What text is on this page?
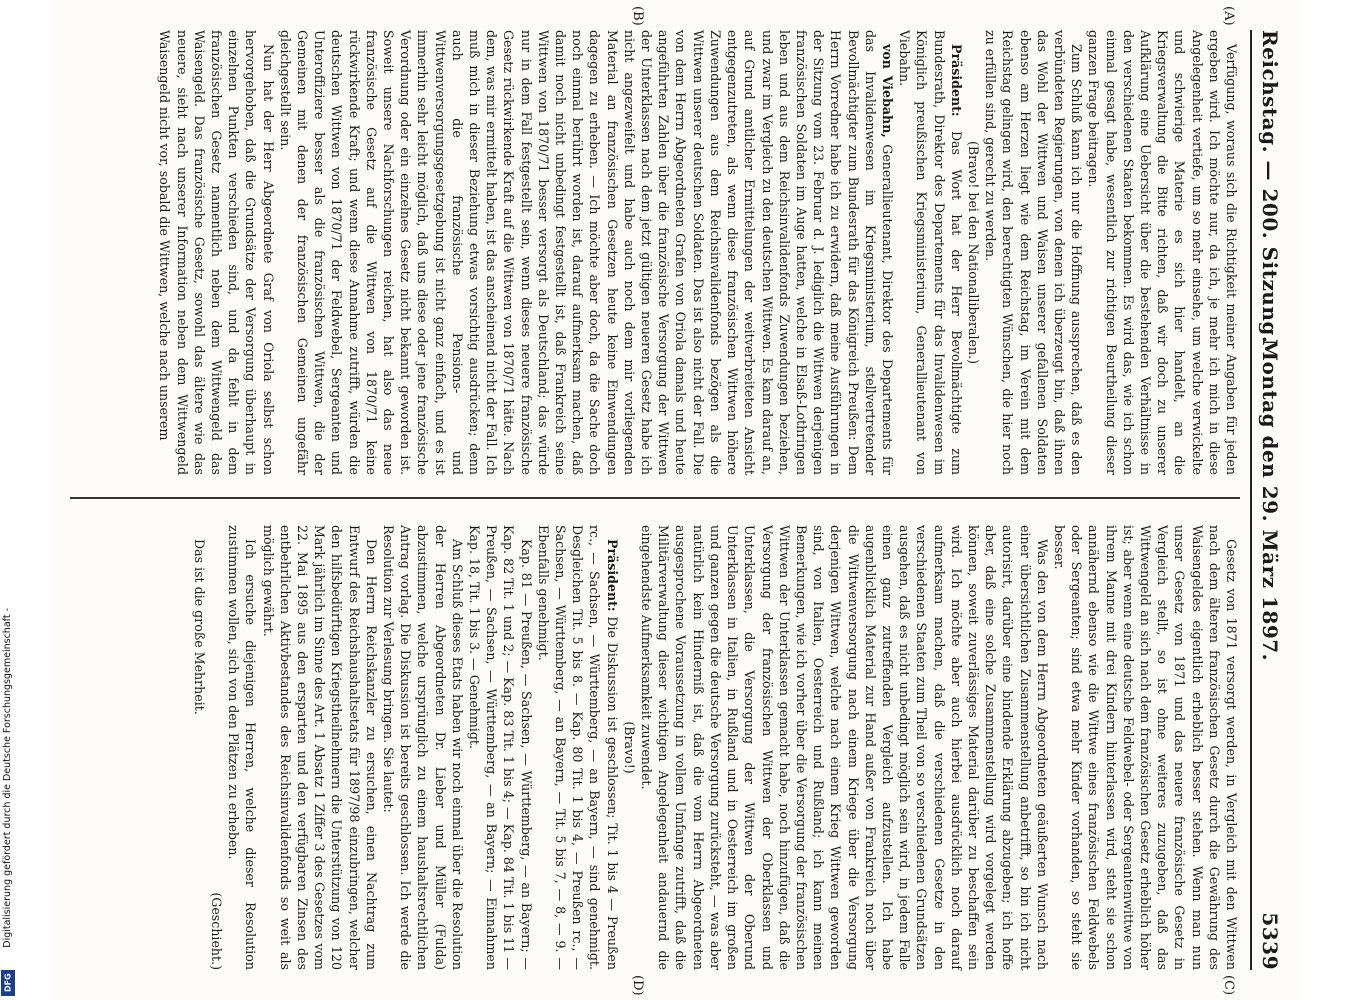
Reichstag. — 200. Sitzung.
Montag den 29. März 1897.
5339
(A)
(B)
(C)
(D)

Verfügung, woraus sich die Richtigkeit meiner Angaben für jeden ergeben wird. Ich möchte nur, da ich, je mehr ich mich in diese Angelegenheit vertiefe, um so mehr einsehe, um welche verwickelte und schwierige Materie es sich hier handelt, an die Kriegsverwaltung die Bitte richten, daß wir doch zu unserer Aufklärung eine Uebersicht über die bestehenden Verhältnisse in den verschiedenen Staaten bekommen. Es wird das, wie ich schon einmal gesagt habe, wesentlich zur richtigen Beurtheilung dieser ganzen Frage beitragen.

Zum Schluß kann ich nur die Hoffnung aussprechen, daß es den verbündeten Regierungen, von denen ich überzeugt bin, daß ihnen das Wohl der Wittwen und Waisen unserer gefallenen Soldaten ebenso am Herzen liegt wie dem Reichstag, im Verein mit dem Reichstag gelingen wird, den berechtigten Wünschen, die hier noch zu erfüllen sind, gerecht zu werden.

(Bravo! bei den Nationalliberalen.)

Präsident: Das Wort hat der Herr Bevollmächtigte zum Bundesrath, Direktor des Departements für das Invalidenwesen im Königlich preußischen Kriegsministerium, Generallieutenant von Viebahn.

von Viebahn, Generallieutenant, Direktor des Departements für das Invalidenwesen im Kriegsministerium, stellvertretender Bevollmächtigter zum Bundesrath für das Königreich Preußen: Dem Herrn Vorredner habe ich zu erwidern, daß meine Ausführungen in der Sitzung vom 23. Februar d. J. lediglich die Wittwen derjenigen französischen Soldaten im Auge hatten, welche in Elsaß-Lothringen leben und aus dem Reichsinvalidenfonds Zuwendungen beziehen, und zwar im Vergleich zu den deutschen Wittwen. Es kam darauf an, auf Grund amtlicher Ermittelungen der weitverbreiteten Ansicht entgegenzutreten, als wenn diese französischen Wittwen höhere Zuwendungen aus dem Reichsinvalidenfonds bezögen als die Wittwen unserer deutschen Soldaten. Das ist also nicht der Fall. Die von dem Herrn Abgeordneten Grafen von Oriola damals und heute angeführten Zahlen über die französische Versorgung der Wittwen der Unterklassen nach dem jetzt gültigen neueren Gesetz habe ich nicht angezweifelt und habe auch noch dem mir vorliegenden Material an französischen Gesetzen heute keine Einwendungen dagegen zu erheben. — Ich möchte aber doch, da die Sache doch noch einmal berührt worden ist, darauf aufmerksam machen, daß damit noch nicht unbedingt festgestellt ist, daß Frankreich seine Wittwen von 1870/71 besser versorgt als Deutschland; das würde nur in dem Fall festgestellt sein, wenn dieses neuere französische Gesetz rückwirkende Kraft auf die Wittwen von 1870/71 hätte. Nach dem, was mir ermittelt haben, ist das anscheinend nicht der Fall. Ich muß mich in dieser Beziehung etwas vorsichtig ausdrücken; denn auch die französische Pensions- und Wittwenversorgungsgesetzgebung ist nicht ganz einfach, und es ist immerhin sehr leicht möglich, daß uns diese oder jene französische Verordnung oder ein einzelnes Gesetz nicht bekannt geworden ist. Soweit unsere Nachforschungen reichen, hat also das neue französische Gesetz auf die Wittwen von 1870/71 keine rückwirkende Kraft; und wenn diese Annahme zutrifft, würden die deutschen Wittwen von 1870/71 der Feldwebel, Sergeanten und Unteroffiziere besser als die französischen Wittwen, die der Gemeinen mit denen der französischen Gemeinen ungefähr gleichgestellt sein.

Nun hat der Herr Abgeordnete Graf von Oriola selbst schon hervorgehoben, daß die Grundsätze der Versorgung überhaupt in einzelnen Punkten verschieden sind, und da fehlt in dem französischen Gesetz namentlich neben dem Wittwengeld das Waisengeld. Das französische Gesetz, sowohl das ältere wie das neuere, sieht nach unserer Information neben dem Wittwengeld Waisengeld nicht vor, sobald die Wittwen, welche nach unserem

Gesetz von 1871 versorgt werden, in Vergleich mit den Wittwen nach dem älteren französischen Gesetz durch die Gewährung des Waisengeldes eigentlich erheblich besser stehen. Wenn man nun unser Gesetz von 1871 und das neuere französische Gesetz in Vergleich stellt, so ist ohne weiteres zuzugeben, daß das Wittwengeld an sich nach dem französischen Gesetz erheblich höher ist; aber wenn eine deutsche Feldwebel- oder Sergeantenwittwe von ihrem Manne mit drei Kindern hinterlassen wird, steht sie schon annähernd ebenso wie die Wittwe eines französischen Feldwebels oder Sergeanten; sind etwa mehr Kinder vorhanden, so steht sie besser.

Was den von dem Herrn Abgeordneten geäußerten Wunsch nach einer übersichtlichen Zusammenstellung anbetrifft, so bin ich nicht autorisirt, darüber eine bindende Erklärung abzugeben; ich hoffe aber, daß eine solche Zusammenstellung wird vorgelegt werden können, soweit zuverlässiges Material darüber zu beschaffen sein wird. Ich möchte aber auch hierbei ausdrücklich noch darauf aufmerksam machen, daß die verschiedenen Gesetze in den verschiedenen Staaten zum Theil von so verschiedenen Grundsätzen ausgehen, daß es nicht unbedingt möglich sein wird, in jedem Falle einen ganz zutreffenden Vergleich aufzustellen. Ich habe augenblicklich Material zur Hand außer von Frankreich noch über die Wittwenversorgung nach einem Kriege über die Versorgung derjenigen Wittwen, welche nach einem Krieg Wittwen geworden sind, von Italien, Oesterreich und Rußland; ich kann meinen Bemerkungen, wie ich vorher über die Versorgung der französischen Wittwen der Unterklassen gemacht habe, noch hinzufügen, daß die Versorgung der französischen Wittwen der Oberklassen und Unterklassen, die Versorgung der Wittwen der Oberund Unterklassen in Italien, in Rußland und in Oesterreich im großen und ganzen gegen die deutsche Versorgung zurücksteht, — was aber natürlich kein Hinderniß ist, daß die vom Herrn Abgeordneten ausgesprochene Voraussetzung in vollem Umfange zutrifft, daß die Militärverwaltung dieser wichtigen Angelegenheit andauernd die eingehendste Aufmerksamkeit zuwendet.

(Bravo!)

Präsident: Die Diskussion ist geschlossen; Tit. 1 bis 4 — Preußen rc., — Sachsen, — Württemberg, — an Bayern, — sind genehmigt. Desgleichen Tit. 5 bis 8. — Kap. 80 Tit. 1 bis 4, — Preußen rc., — Sachsen, — Württemberg, — an Bayern, — Tit. 5 bis 7, — 8, — 9. — Ebenfalls genehmigt.

Kap. 81 — Preußen, — Sachsen, — Württemberg, — an Bayern; — Kap. 82 Tit. 1 und 2; — Kap. 83 Tit. 1 bis 4; — Kap. 84 Tit. 1 bis 11 — Preußen, — Sachsen, — Württemberg, — an Bayern; — Einnahmen Kap. 18, Tit. 1 bis 3. — Genehmigt.

Am Schluß dieses Etats haben wir noch einmal über die Resolution der Herren Abgeordneten Dr. Lieber und Müller (Fulda) abzustimmen, welche ursprünglich zu einem haushaltsrechtlichen Antrag vorlag. Die Diskussion ist bereits geschlossen. Ich werde die Resolution zur Verlesung bringen. Sie lautet:

Den Herrn Reichskanzler zu ersuchen, einen Nachtrag zum Entwurf des Reichshaushaltsetats für 1897/98 einzubringen, welcher den hilfsbedürftigen Kriegstheilnehmern die Unterstützung von 120 Mark jährlich im Sinne des Art. 1 Absatz 1 Ziffer 3 des Gesetzes vom 22. Mai 1895 aus den ersparten und den verfügbaren Zinsen des entbehrlichen Aktivbestandes des Reichsinvalidenfonds so weit als möglich gewährt.

Ich ersuche diejenigen Herren, welche dieser Resolution zustimmen wollen, sich von den Plätzen zu erheben.

(Geschieht.)

Das ist die große Mehrheit.

Digitalisierung gefördert durch die Deutsche Forschungsgemeinschaft -
DFG
